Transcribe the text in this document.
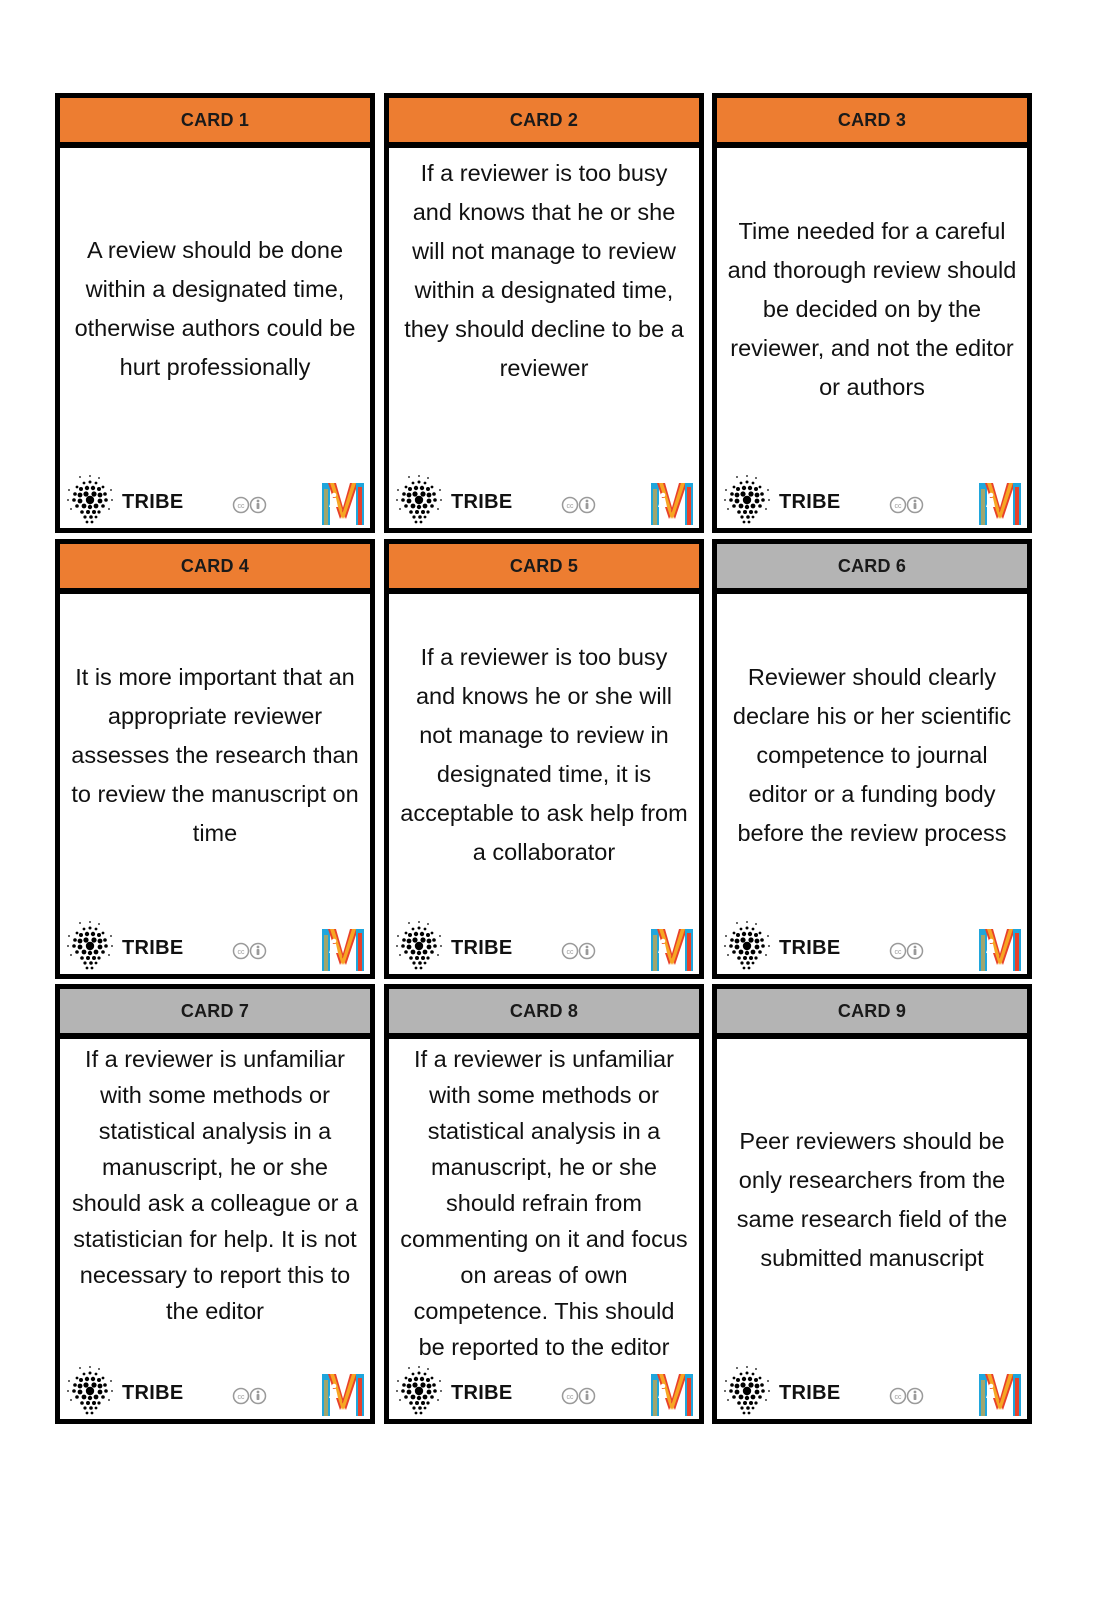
CARD 1

A review should be done within a designated time, otherwise authors could be hurt professionally

TRIBE
CARD 2

If a reviewer is too busy and knows that he or she will not manage to review within a designated time, they should decline to be a reviewer

TRIBE
CARD 3

Time needed for a careful and thorough review should be decided on by the reviewer, and not the editor or authors

TRIBE
CARD 4

It is more important that an appropriate reviewer assesses the research than to review the manuscript on time

TRIBE
CARD 5

If a reviewer is too busy and knows he or she will not manage to review in designated time, it is acceptable to ask help from a collaborator

TRIBE
CARD 6

Reviewer should clearly declare his or her scientific competence to journal editor or a funding body before the review process

TRIBE
CARD 7

If a reviewer is unfamiliar with some methods or statistical analysis in a manuscript, he or she should ask a colleague or a statistician for help. It is not necessary to report this to the editor

TRIBE
CARD 8

If a reviewer is unfamiliar with some methods or statistical analysis in a manuscript, he or she should refrain from commenting on it and focus on areas of own competence. This should be reported to the editor

TRIBE
CARD 9

Peer reviewers should be only researchers from the same research field of the submitted manuscript

TRIBE
